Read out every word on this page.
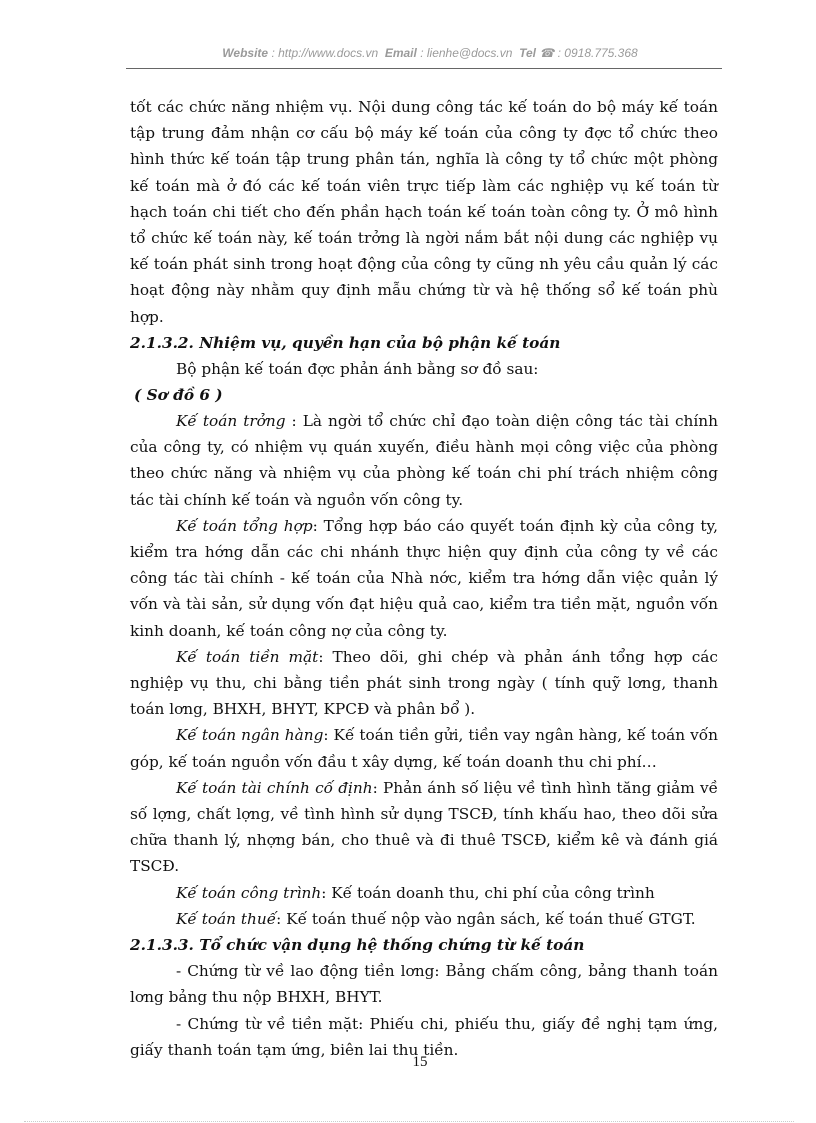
Website : http://www.docs.vn Email : lienhe@docs.vn Tel ☎ : 0918.775.368

tốt các chức năng nhiệm vụ. Nội dung công tác kế toán do bộ máy kế toán tập trung đảm nhận cơ cấu bộ máy kế toán của công ty đợc tổ chức theo hình thức kế toán tập trung phân tán, nghĩa là công ty tổ chức một phòng kế toán mà ở đó các kế toán viên trực tiếp làm các nghiệp vụ kế toán từ hạch toán chi tiết cho đến phần hạch toán kế toán toàn công ty. Ở mô hình tổ chức kế toán này, kế toán trởng là ngời nắm bắt nội dung các nghiệp vụ kế toán phát sinh trong hoạt động của công ty cũng nh yêu cầu quản lý các hoạt động này nhằm quy định mẫu chứng từ và hệ thống sổ kế toán phù hợp.

2.1.3.2. Nhiệm vụ, quyền hạn của bộ phận kế toán

Bộ phận kế toán đợc phản ánh bằng sơ đồ sau:

( Sơ đồ 6 )

Kế toán trởng : Là ngời tổ chức chỉ đạo toàn diện công tác tài chính của công ty, có nhiệm vụ quán xuyến, điều hành mọi công việc của phòng theo chức năng và nhiệm vụ của phòng kế toán chi phí trách nhiệm công tác tài chính kế toán và nguồn vốn công ty.

Kế toán tổng hợp: Tổng hợp báo cáo quyết toán định kỳ của công ty, kiểm tra hớng dẫn các chi nhánh thực hiện quy định của công ty về các công tác tài chính - kế toán của Nhà nớc, kiểm tra hớng dẫn việc quản lý vốn và tài sản, sử dụng vốn đạt hiệu quả cao, kiểm tra tiền mặt, nguồn vốn kinh doanh, kế toán công nợ của công ty.

Kế toán tiền mặt: Theo dõi, ghi chép và phản ánh tổng hợp các nghiệp vụ thu, chi bằng tiền phát sinh trong ngày ( tính quỹ lơng, thanh toán lơng, BHXH, BHYT, KPCĐ và phân bổ ).

Kế toán ngân hàng: Kế toán tiền gửi, tiền vay ngân hàng, kế toán vốn góp, kế toán nguồn vốn đầu t xây dựng, kế toán doanh thu chi phí…

Kế toán tài chính cố định: Phản ánh số liệu về tình hình tăng giảm về số lợng, chất lợng, về tình hình sử dụng TSCĐ, tính khấu hao, theo dõi sửa chữa thanh lý, nhợng bán, cho thuê và đi thuê TSCĐ, kiểm kê và đánh giá TSCĐ.

Kế toán công trình: Kế toán doanh thu, chi phí của công trình

Kế toán thuế: Kế toán thuế nộp vào ngân sách, kế toán thuế GTGT.

2.1.3.3. Tổ chức vận dụng hệ thống chứng từ kế toán

- Chứng từ về lao động tiền lơng: Bảng chấm công, bảng thanh toán lơng bảng thu nộp BHXH, BHYT.

- Chứng từ về tiền mặt: Phiếu chi, phiếu thu, giấy đề nghị tạm ứng, giấy thanh toán tạm ứng, biên lai thu tiền.

15
